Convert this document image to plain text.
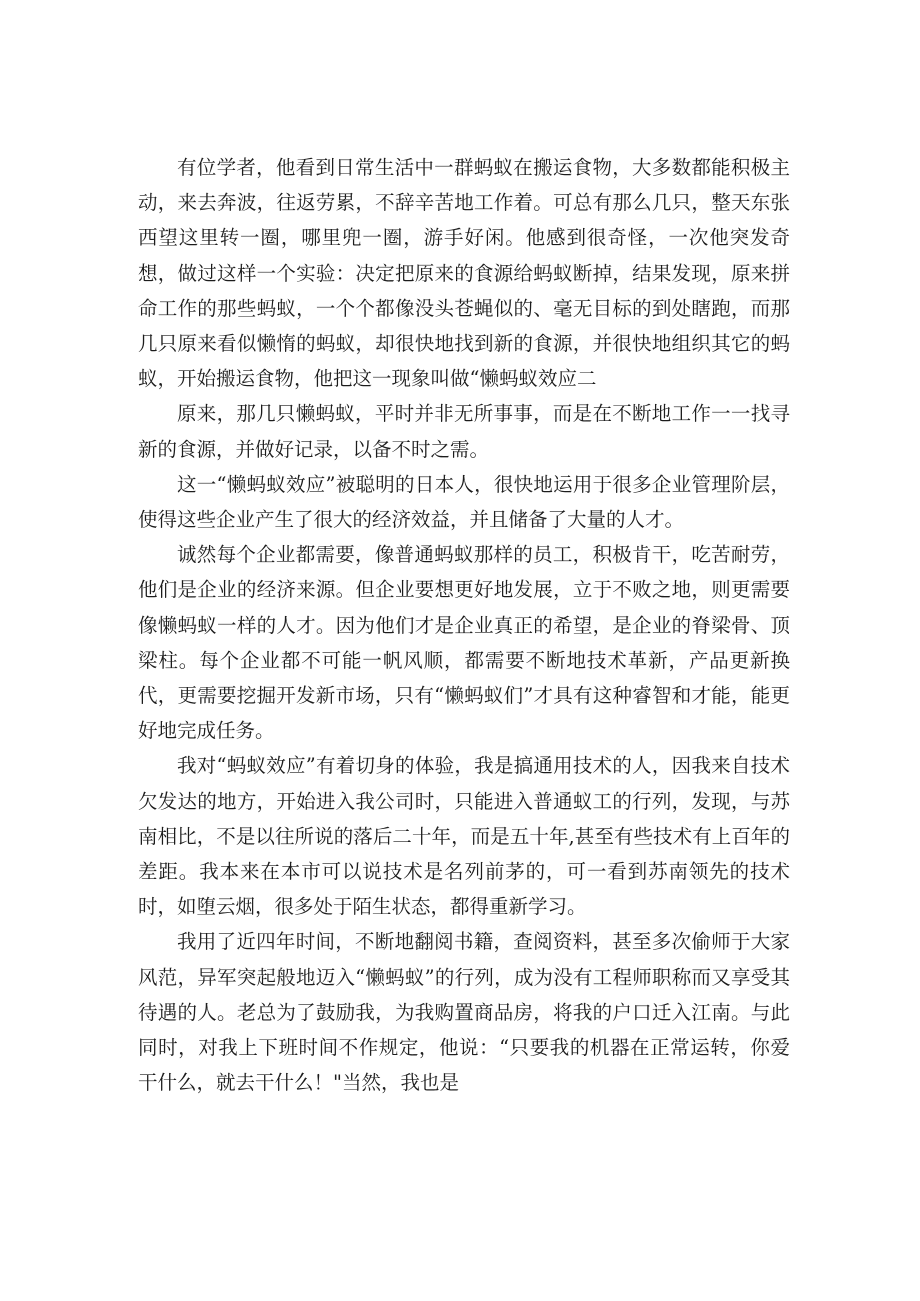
有位学者，他看到日常生活中一群蚂蚁在搬运食物，大多数都能积极主动，来去奔波，往返劳累，不辞辛苦地工作着。可总有那么几只，整天东张西望这里转一圈，哪里兜一圈，游手好闲。他感到很奇怪，一次他突发奇想，做过这样一个实验：决定把原来的食源给蚂蚁断掉，结果发现，原来拼命工作的那些蚂蚁，一个个都像没头苍蝇似的、毫无目标的到处瞎跑，而那几只原来看似懒惰的蚂蚁，却很快地找到新的食源，并很快地组织其它的蚂蚁，开始搬运食物，他把这一现象叫做“懒蚂蚁效应二

原来，那几只懒蚂蚁，平时并非无所事事，而是在不断地工作一一找寻新的食源，并做好记录，以备不时之需。

这一“懒蚂蚁效应”被聪明的日本人，很快地运用于很多企业管理阶层，使得这些企业产生了很大的经济效益，并且储备了大量的人才。

诚然每个企业都需要，像普通蚂蚁那样的员工，积极肯干，吃苦耐劳，他们是企业的经济来源。但企业要想更好地发展，立于不败之地，则更需要像懒蚂蚁一样的人才。因为他们才是企业真正的希望，是企业的脊梁骨、顶梁柱。每个企业都不可能一帆风顺，都需要不断地技术革新，产品更新换代，更需要挖掘开发新市场，只有“懒蚂蚁们”才具有这种睿智和才能，能更好地完成任务。

我对“蚂蚁效应”有着切身的体验，我是搞通用技术的人，因我来自技术欠发达的地方，开始进入我公司时，只能进入普通蚁工的行列，发现，与苏南相比，不是以往所说的落后二十年，而是五十年,甚至有些技术有上百年的差距。我本来在本市可以说技术是名列前茅的，可一看到苏南领先的技术时，如堕云烟，很多处于陌生状态，都得重新学习。

我用了近四年时间，不断地翻阅书籍，查阅资料，甚至多次偷师于大家风范，异军突起般地迈入“懒蚂蚁”的行列，成为没有工程师职称而又享受其待遇的人。老总为了鼓励我，为我购置商品房，将我的户口迁入江南。与此同时，对我上下班时间不作规定，他说：“只要我的机器在正常运转，你爱干什么，就去干什么！"当然，我也是
